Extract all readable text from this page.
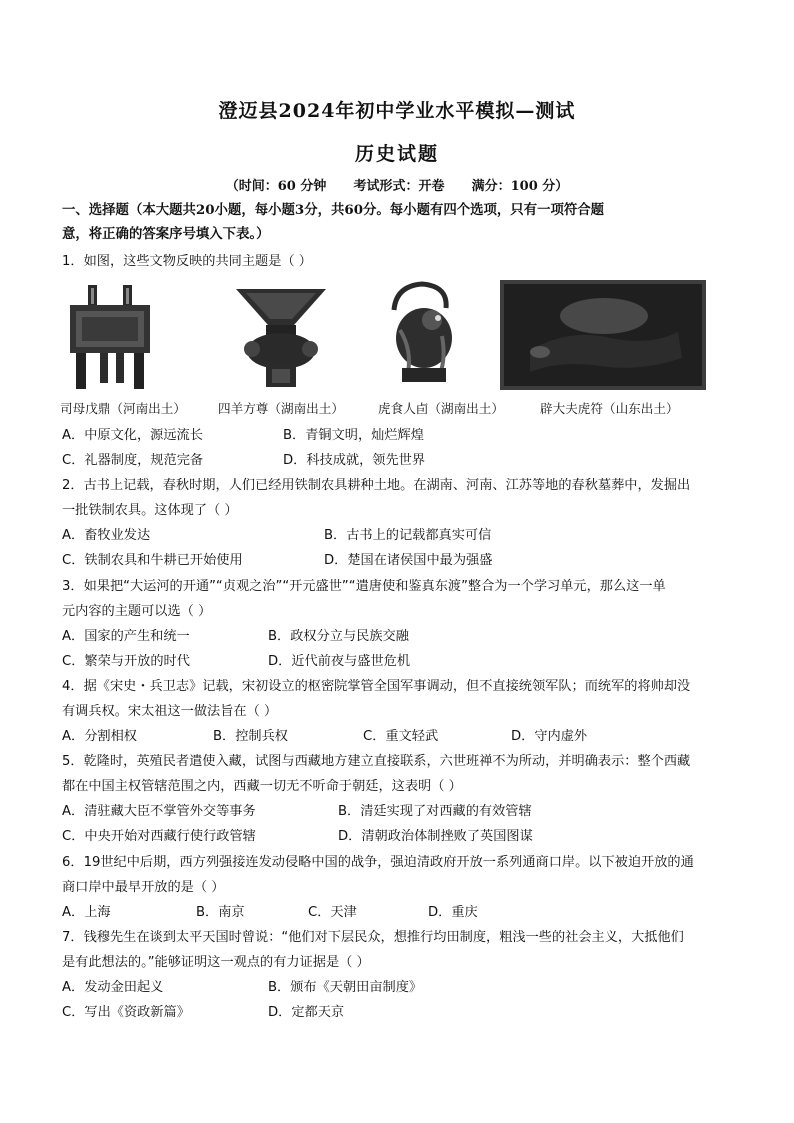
澄迈县2024年初中学业水平模拟—测试
历史试题
（时间：60 分钟      考试形式：开卷      满分：100 分）
一、选择题（本大题共20小题，每小题3分，共60分。每小题有四个选项，只有一项符合题
意，将正确的答案序号填入下表。）
1．如图，这些文物反映的共同主题是（ ）
司母戊鼎（河南出土）	四羊方尊（湖南出土）	虎食人卣（湖南出土）	辟大夫虎符（山东出土）
A．中原文化，源远流长	B．青铜文明，灿烂辉煌
C．礼器制度，规范完备	D．科技成就，领先世界
2．古书上记载，春秋时期，人们已经用铁制农具耕种土地。在湖南、河南、江苏等地的春秋墓葬中，发掘出
一批铁制农具。这体现了（ ）
A．畜牧业发达	B．古书上的记载都真实可信
C．铁制农具和牛耕已开始使用	D．楚国在诸侯国中最为强盛
3．如果把“大运河的开通”“贞观之治”“开元盛世”“遣唐使和鉴真东渡”整合为一个学习单元，那么这一单
元内容的主题可以选（ ）
A．国家的产生和统一	B．政权分立与民族交融
C．繁荣与开放的时代	D．近代前夜与盛世危机
4．据《宋史・兵卫志》记载，宋初设立的枢密院掌管全国军事调动，但不直接统领军队；而统军的将帅却没
有调兵权。宋太祖这一做法旨在（ ）
A．分割相权	B．控制兵权	C．重文轻武	D．守内虚外
5．乾隆时，英殖民者遣使入藏，试图与西藏地方建立直接联系，六世班禅不为所动，并明确表示：整个西藏
都在中国主权管辖范围之内，西藏一切无不听命于朝廷，这表明（ ）
A．清驻藏大臣不掌管外交等事务	B．清廷实现了对西藏的有效管辖
C．中央开始对西藏行使行政管辖	D．清朝政治体制挫败了英国图谋
6．19世纪中后期，西方列强接连发动侵略中国的战争，强迫清政府开放一系列通商口岸。以下被迫开放的通
商口岸中最早开放的是（ ）
A．上海	B．南京	C．天津	D．重庆
7．钱穆先生在谈到太平天国时曾说：“他们对下层民众，想推行均田制度，粗浅一些的社会主义，大抵他们
是有此想法的。”能够证明这一观点的有力证据是（ ）
A．发动金田起义	B．颁布《天朝田亩制度》
C．写出《资政新篇》	D．定都天京
